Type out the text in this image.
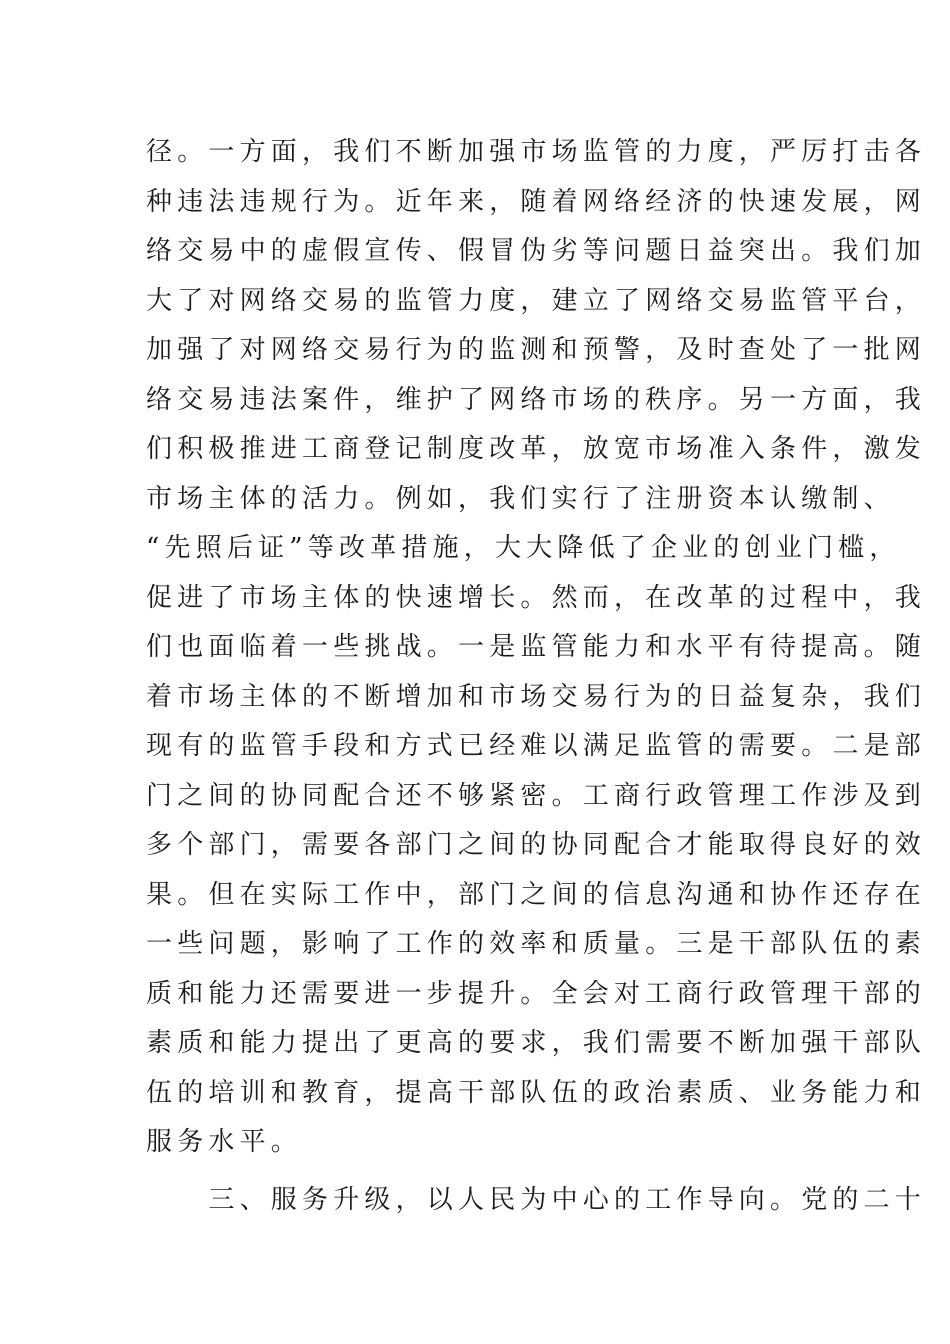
径。一方面，我们不断加强市场监管的力度，严厉打击各
种违法违规行为。近年来，随着网络经济的快速发展，网
络交易中的虚假宣传、假冒伪劣等问题日益突出。我们加
大了对网络交易的监管力度，建立了网络交易监管平台，
加强了对网络交易行为的监测和预警，及时查处了一批网
络交易违法案件，维护了网络市场的秩序。另一方面，我
们积极推进工商登记制度改革，放宽市场准入条件，激发
市场主体的活力。例如，我们实行了注册资本认缴制、
“先照后证”等改革措施，大大降低了企业的创业门槛，
促进了市场主体的快速增长。然而，在改革的过程中，我
们也面临着一些挑战。一是监管能力和水平有待提高。随
着市场主体的不断增加和市场交易行为的日益复杂，我们
现有的监管手段和方式已经难以满足监管的需要。二是部
门之间的协同配合还不够紧密。工商行政管理工作涉及到
多个部门，需要各部门之间的协同配合才能取得良好的效
果。但在实际工作中，部门之间的信息沟通和协作还存在
一些问题，影响了工作的效率和质量。三是干部队伍的素
质和能力还需要进一步提升。全会对工商行政管理干部的
素质和能力提出了更高的要求，我们需要不断加强干部队
伍的培训和教育，提高干部队伍的政治素质、业务能力和
服务水平。
　　三、服务升级，以人民为中心的工作导向。党的二十
